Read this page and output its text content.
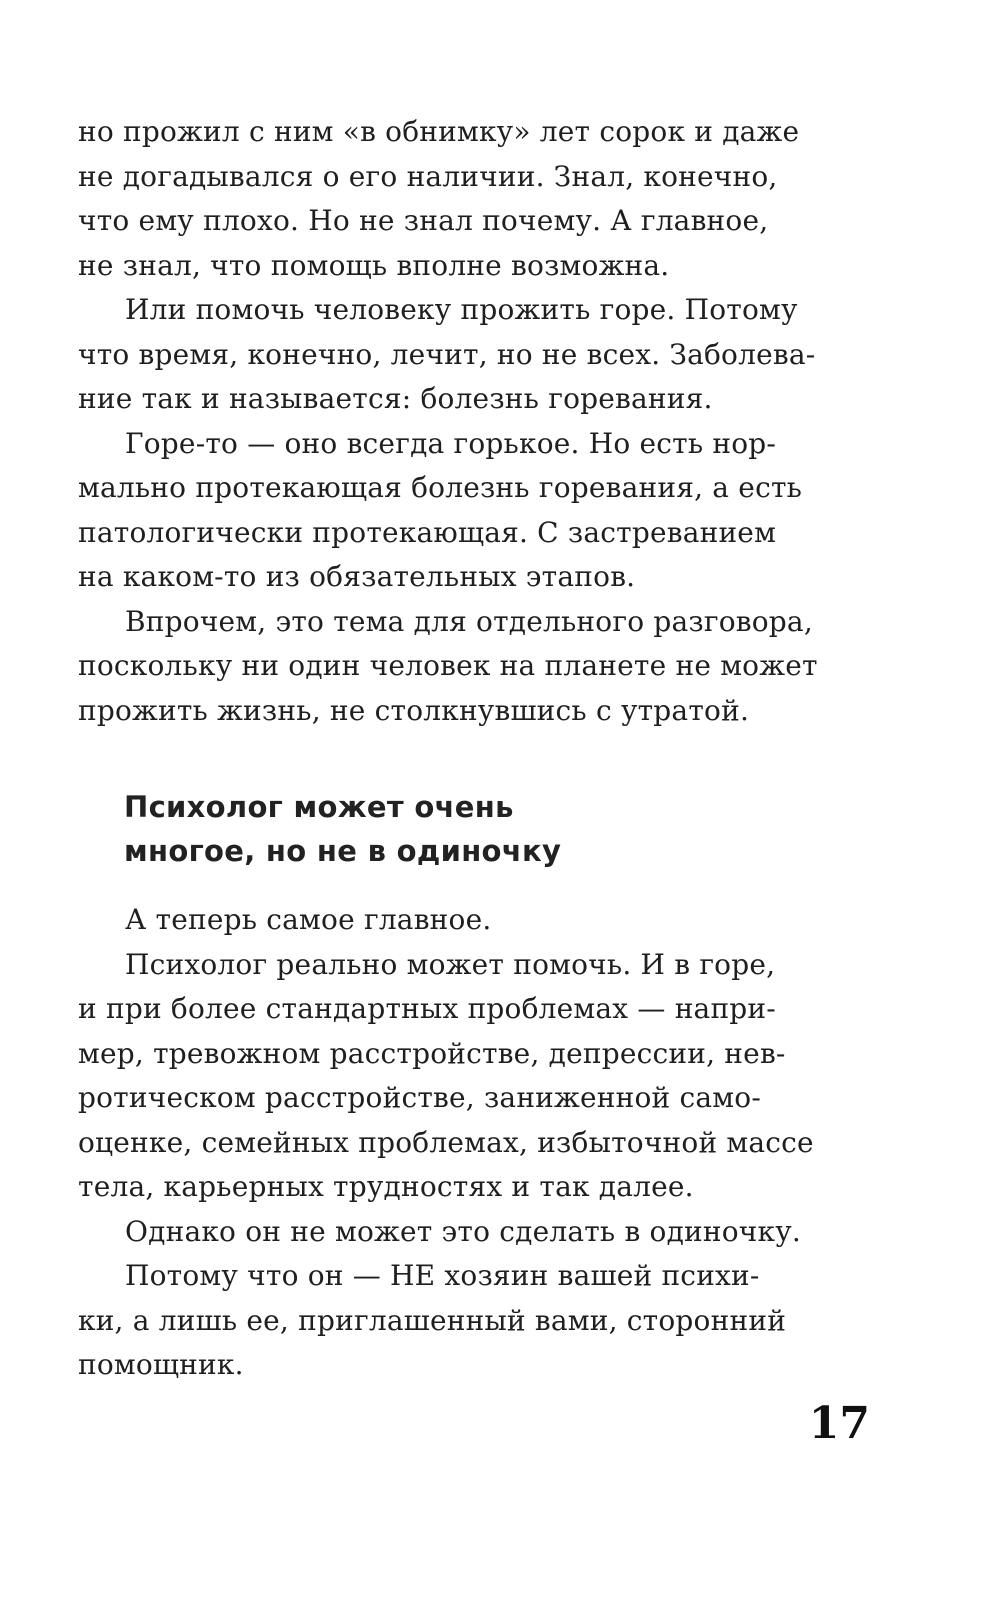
но прожил с ним «в обнимку» лет сорок и даже
не догадывался о его наличии. Знал, конечно,
что ему плохо. Но не знал почему. А главное,
не знал, что помощь вполне возможна.
Или помочь человеку прожить горе. Потому
что время, конечно, лечит, но не всех. Заболева-
ние так и называется: болезнь горевания.
Горе-то — оно всегда горькое. Но есть нор-
мально протекающая болезнь горевания, а есть
патологически протекающая. С застреванием
на каком-то из обязательных этапов.
Впрочем, это тема для отдельного разговора,
поскольку ни один человек на планете не может
прожить жизнь, не столкнувшись с утратой.
Психолог может очень
многое, но не в одиночку
А теперь самое главное.
Психолог реально может помочь. И в горе,
и при более стандартных проблемах — напри-
мер, тревожном расстройстве, депрессии, нев-
ротическом расстройстве, заниженной само-
оценке, семейных проблемах, избыточной массе
тела, карьерных трудностях и так далее.
Однако он не может это сделать в одиночку.
Потому что он — НЕ хозяин вашей психи-
ки, а лишь ее, приглашенный вами, сторонний
помощник.
17
